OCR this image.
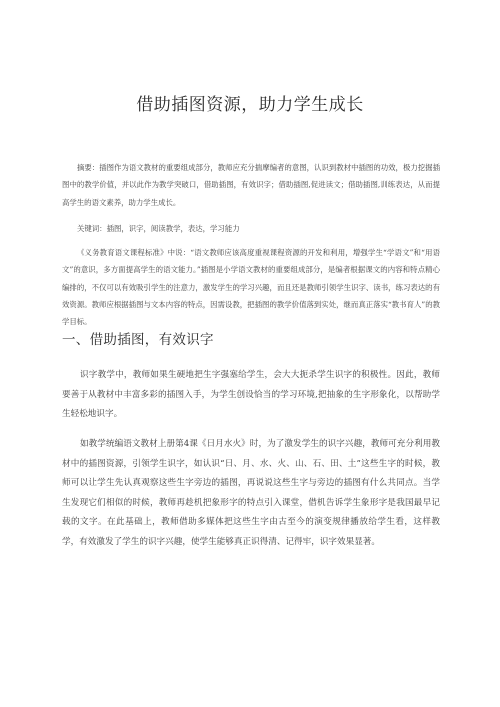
借助插图资源，助力学生成长
摘要：插图作为语文教材的重要组成部分，教师应充分揣摩编者的意图，认识到教材中插图的功效，极力挖掘插图中的教学价值，并以此作为教学突破口，借助插图，有效识字；借助插图,促进读文；借助插图,训练表达，从而提高学生的语文素养，助力学生成长。
关键词：插图，识字，阅读教学，表达，学习能力
《义务教育语文课程标准》中说：“语文教师应该高度重视课程资源的开发和利用，增强学生“学语文”和“用语文”的意识，多方面提高学生的语文能力。”插图是小学语文教材的重要组成部分，是编者根据课文的内容和特点精心编排的，不仅可以有效吸引学生的注意力，激发学生的学习兴趣，而且还是教师引领学生识字、读书，练习表达的有效资源。教师应根据插图与文本内容的特点，因需设教，把插图的教学价值落到实处，继而真正落实“教书育人”的教学目标。
一、借助插图，有效识字
识字教学中，教师如果生硬地把生字强塞给学生，会大大扼杀学生识字的积极性。因此，教师要善于从教材中丰富多彩的插图入手，为学生创设恰当的学习环境,把抽象的生字形象化，以帮助学生轻松地识字。
如教学统编语文教材上册第4课《日月水火》时，为了激发学生的识字兴趣，教师可充分利用教材中的插图资源，引领学生识字，如认识“日、月、水、火、山、石、田、土”这些生字的时候，教师可以让学生先认真观察这些生字旁边的插图，再说说这些生字与旁边的插图有什么共同点。当学生发现它们相似的时候，教师再趁机把象形字的特点引入课堂，借机告诉学生象形字是我国最早记载的文字。在此基础上，教师借助多媒体把这些生字由古至今的演变规律播放给学生看，这样教学，有效激发了学生的识字兴趣，使学生能够真正识得清、记得牢，识字效果显著。
